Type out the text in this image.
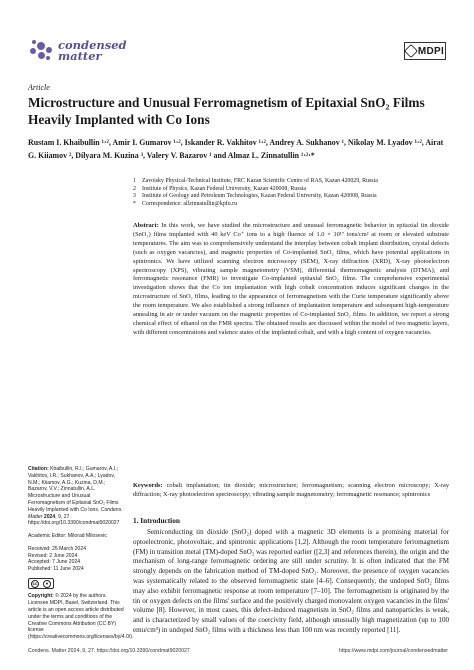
condensed
matter	MDPI
Article
Microstructure and Unusual Ferromagnetism of Epitaxial SnO₂ Films Heavily Implanted with Co Ions
Rustam I. Khaibullin ¹‧², Amir I. Gumarov ¹‧², Iskander R. Vakhitov ¹‧², Andrey A. Sukhanov ¹, Nikolay M. Lyadov ¹‧², Airat G. Kiiamov ², Dilyara M. Kuzina ³, Valery V. Bazarov ¹ and Almaz L. Zinnatullin ¹‧²‧*
1	Zavoisky Physical-Technical Institute, FRC Kazan Scientific Centre of RAS, Kazan 420029, Russia
2	Institute of Physics, Kazan Federal University, Kazan 420008, Russia
3	Institute of Geology and Petroleum Technologies, Kazan Federal University, Kazan 420008, Russia
*	Correspondence: allzinnatullin@kpfu.ru
Abstract: In this work, we have studied the microstructure and unusual ferromagnetic behavior in epitaxial tin dioxide (SnO₂) films implanted with 40 keV Co⁺ ions to a high fluence of 1.0 × 10¹⁷ ions/cm² at room or elevated substrate temperatures. The aim was to comprehensively understand the interplay between cobalt implant distribution, crystal defects (such as oxygen vacancies), and magnetic properties of Co-implanted SnO₂ films, which have potential applications in spintronics. We have utilized scanning electron microscopy (SEM), X-ray diffraction (XRD), X-ray photoelectron spectroscopy (XPS), vibrating sample magnetometry (VSM), differential thermomagnetic analysis (DTMA), and ferromagnetic resonance (FMR) to investigate Co-implanted epitaxial SnO₂ films. The comprehensive experimental investigation shows that the Co ion implantation with high cobalt concentration induces significant changes in the microstructure of SnO₂ films, leading to the appearance of ferromagnetism with the Curie temperature significantly above the room temperature. We also established a strong influence of implantation temperature and subsequent high-temperature annealing in air or under vacuum on the magnetic properties of Co-implanted SnO₂ films. In addition, we report a strong chemical effect of ethanol on the FMR spectra. The obtained results are discussed within the model of two magnetic layers, with different concentrations and valence states of the implanted cobalt, and with a high content of oxygen vacancies.
Keywords: cobalt implantation; tin dioxide; microstructure; ferromagnetism; scanning electron microscopy; X-ray diffraction; X-ray photoelectron spectroscopy; vibrating sample magnetometry; ferromagnetic resonance; spintronics
Citation: Khaibullin, R.I.; Gumarov, A.I.; Vakhitov, I.R.; Sukhanov, A.A.; Lyadov, N.M.; Kiiamov, A.G.; Kuzina, D.M.; Bazarov, V.V.; Zinnatullin, A.L. Microstructure and Unusual Ferromagnetism of Epitaxial SnO₂ Films Heavily Implanted with Co Ions. Condens. Matter 2024, 9, 27. https://doi.org/10.3390/condmat9020027
Academic Editor: Milorad Milosevic
Received: 25 March 2024
Revised: 2 June 2024
Accepted: 7 June 2024
Published: 11 June 2024
cc	●
Copyright: © 2024 by the authors. Licensee MDPI, Basel, Switzerland. This article is an open access article distributed under the terms and conditions of the Creative Commons Attribution (CC BY) license (https://creativecommons.org/licenses/by/4.0/).
1. Introduction
Semiconducting tin dioxide (SnO₂) doped with a magnetic 3D elements is a promising material for optoelectronic, photovoltaic, and spintronic applications [1,2]. Although the room temperature ferromagnetism (FM) in transition metal (TM)-doped SnO₂ was reported earlier ([2,3] and references therein), the origin and the mechanism of long-range ferromagnetic ordering are still under scrutiny. It is often indicated that the FM strongly depends on the fabrication method of TM-doped SnO₂. Moreover, the presence of oxygen vacancies was systematically related to the observed ferromagnetic state [4–6]. Consequently, the undoped SnO₂ films may also exhibit ferromagnetic response at room temperature [7–10]. The ferromagnetism is originated by the tin or oxygen defects on the films' surface and the positively charged monovalent oxygen vacancies in the films' volume [8]. However, in most cases, this defect-induced magnetism in SnO₂ films and nanoparticles is weak, and is characterized by small values of the coercivity field, although unusually high magnetization (up to 100 emu/cm³) in undoped SnO₂ films with a thickness less than 100 nm was recently reported [11].
Condens. Matter 2024, 9, 27. https://doi.org/10.3390/condmat9020027	https://www.mdpi.com/journal/condensedmatter
